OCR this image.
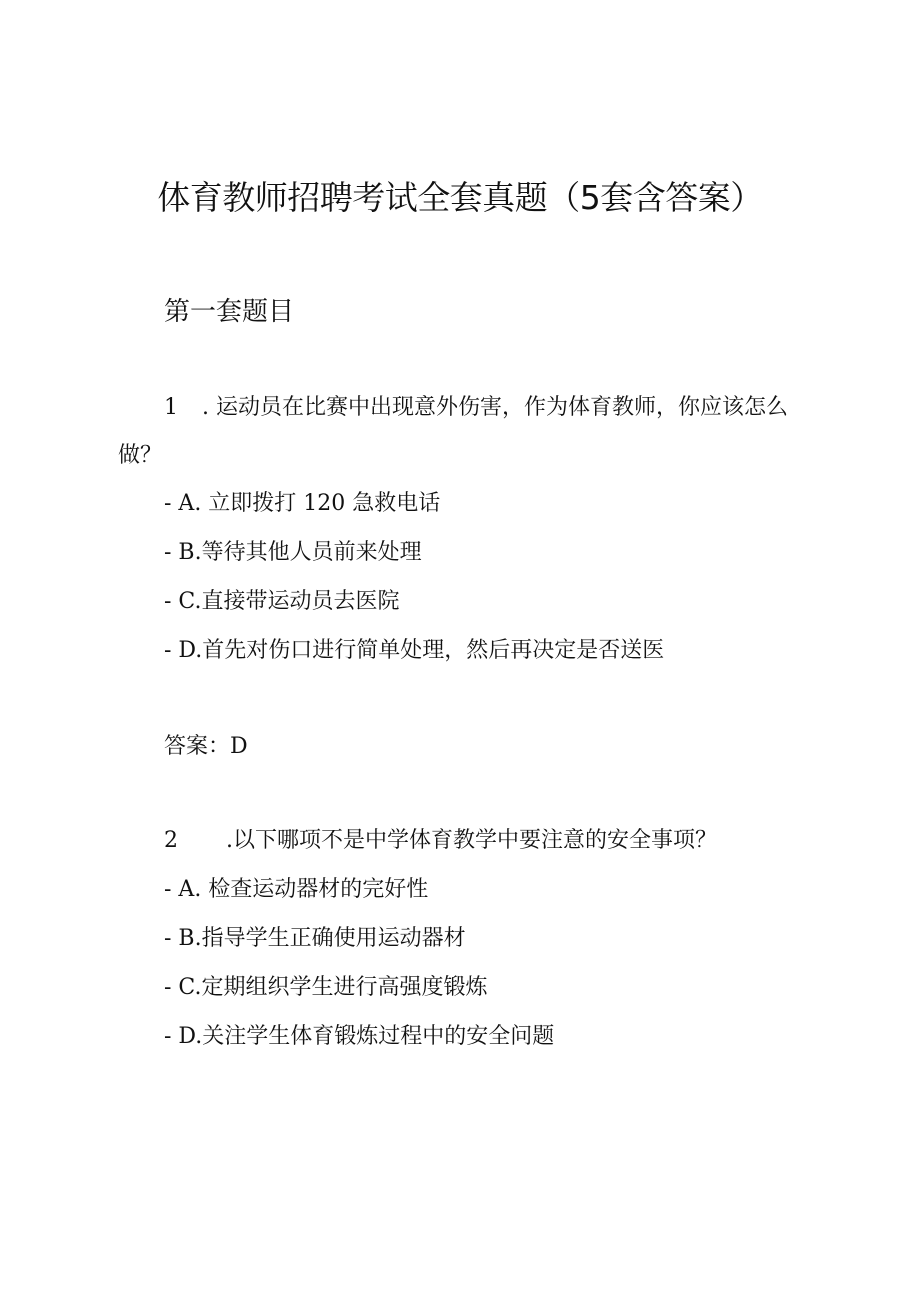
体育教师招聘考试全套真题（5套含答案）
第一套题目
1 . 运动员在比赛中出现意外伤害，作为体育教师，你应该怎么
做？
- A. 立即拨打 120 急救电话
- B.等待其他人员前来处理
- C.直接带运动员去医院
- D.首先对伤口进行简单处理，然后再决定是否送医
答案：D
2 .以下哪项不是中学体育教学中要注意的安全事项？
- A. 检查运动器材的完好性
- B.指导学生正确使用运动器材
- C.定期组织学生进行高强度锻炼
- D.关注学生体育锻炼过程中的安全问题
